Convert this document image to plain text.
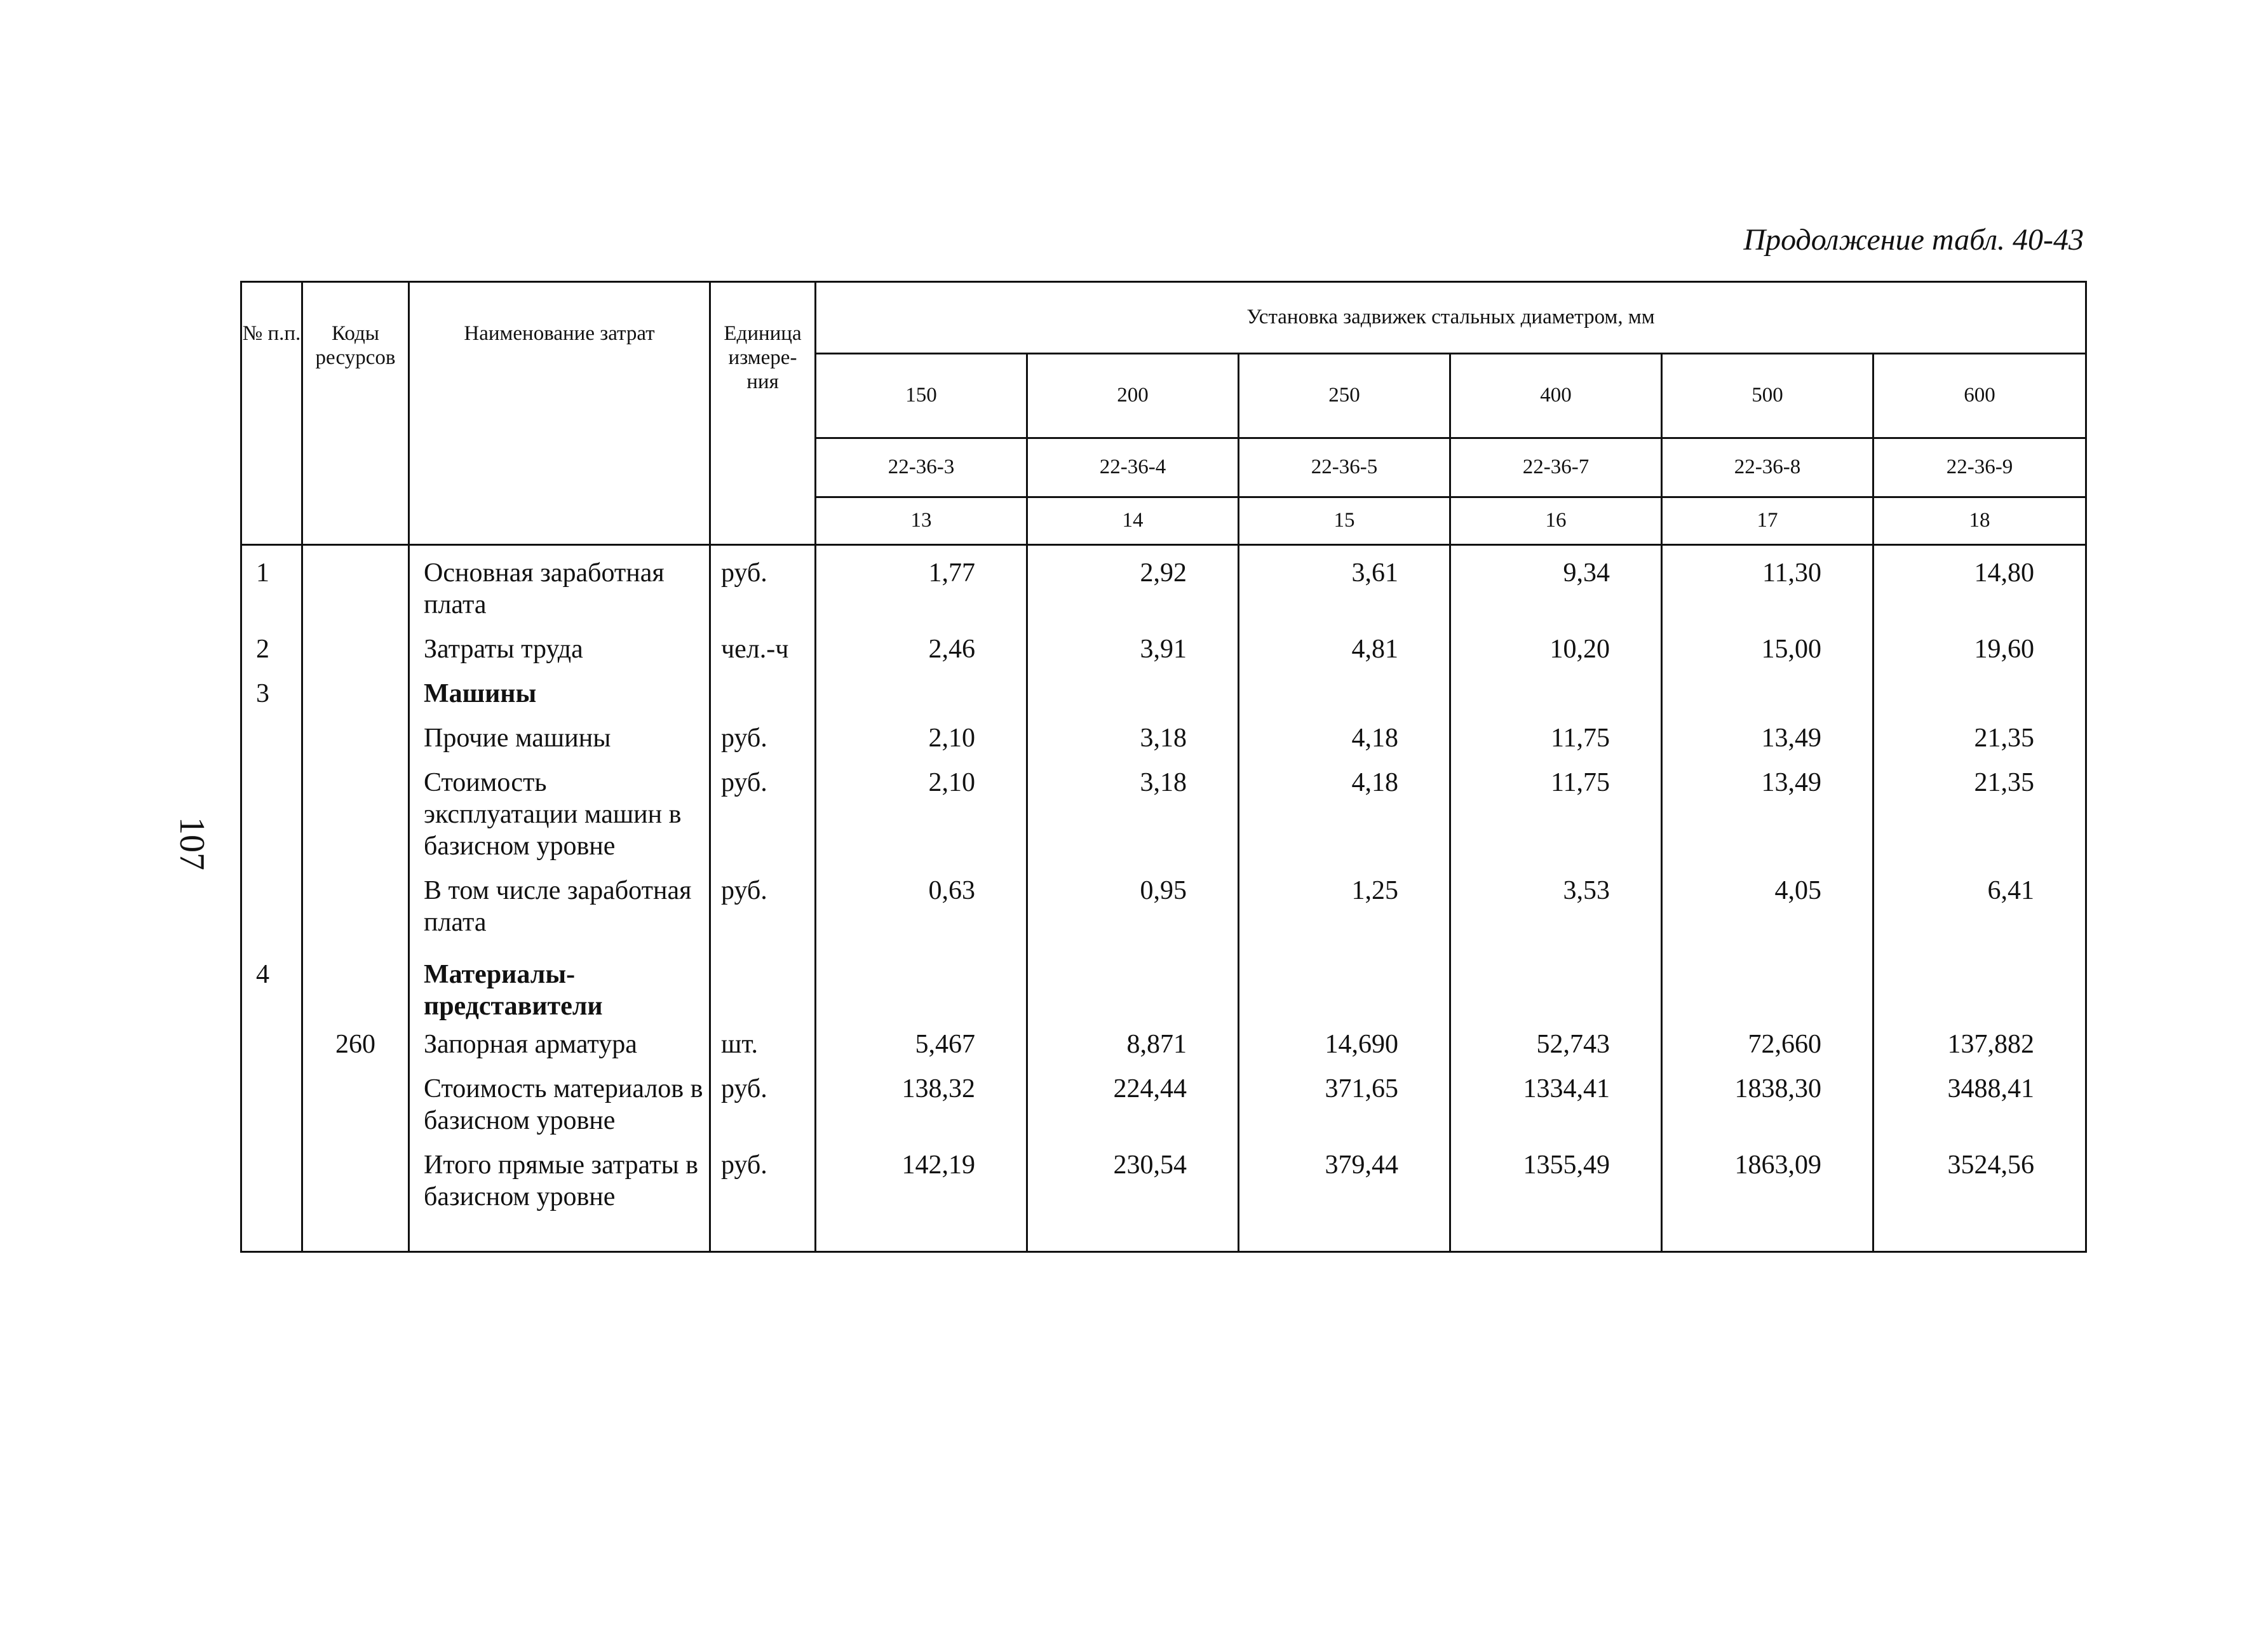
107
Продолжение табл. 40-43
№ п.п.	Коды ресурсов	Наименование затрат	Единица измере- ния	Установка задвижек стальных диаметром, мм					
				150	200	250	400	500	600
				22-36-3	22-36-4	22-36-5	22-36-7	22-36-8	22-36-9
				13	14	15	16	17	18
1		Основная заработная плата	руб.	1,77	2,92	3,61	9,34	11,30	14,80
2		Затраты труда	чел.-ч	2,46	3,91	4,81	10,20	15,00	19,60
3		Машины							
		Прочие машины	руб.	2,10	3,18	4,18	11,75	13,49	21,35
		Стоимость эксплуатации машин в базисном уровне	руб.	2,10	3,18	4,18	11,75	13,49	21,35
		В том числе заработная плата	руб.	0,63	0,95	1,25	3,53	4,05	6,41
4		Материалы-представители							
	260	Запорная арматура	шт.	5,467	8,871	14,690	52,743	72,660	137,882
		Стоимость материалов в базисном уровне	руб.	138,32	224,44	371,65	1334,41	1838,30	3488,41
		Итого прямые затраты в базисном уровне	руб.	142,19	230,54	379,44	1355,49	1863,09	3524,56
